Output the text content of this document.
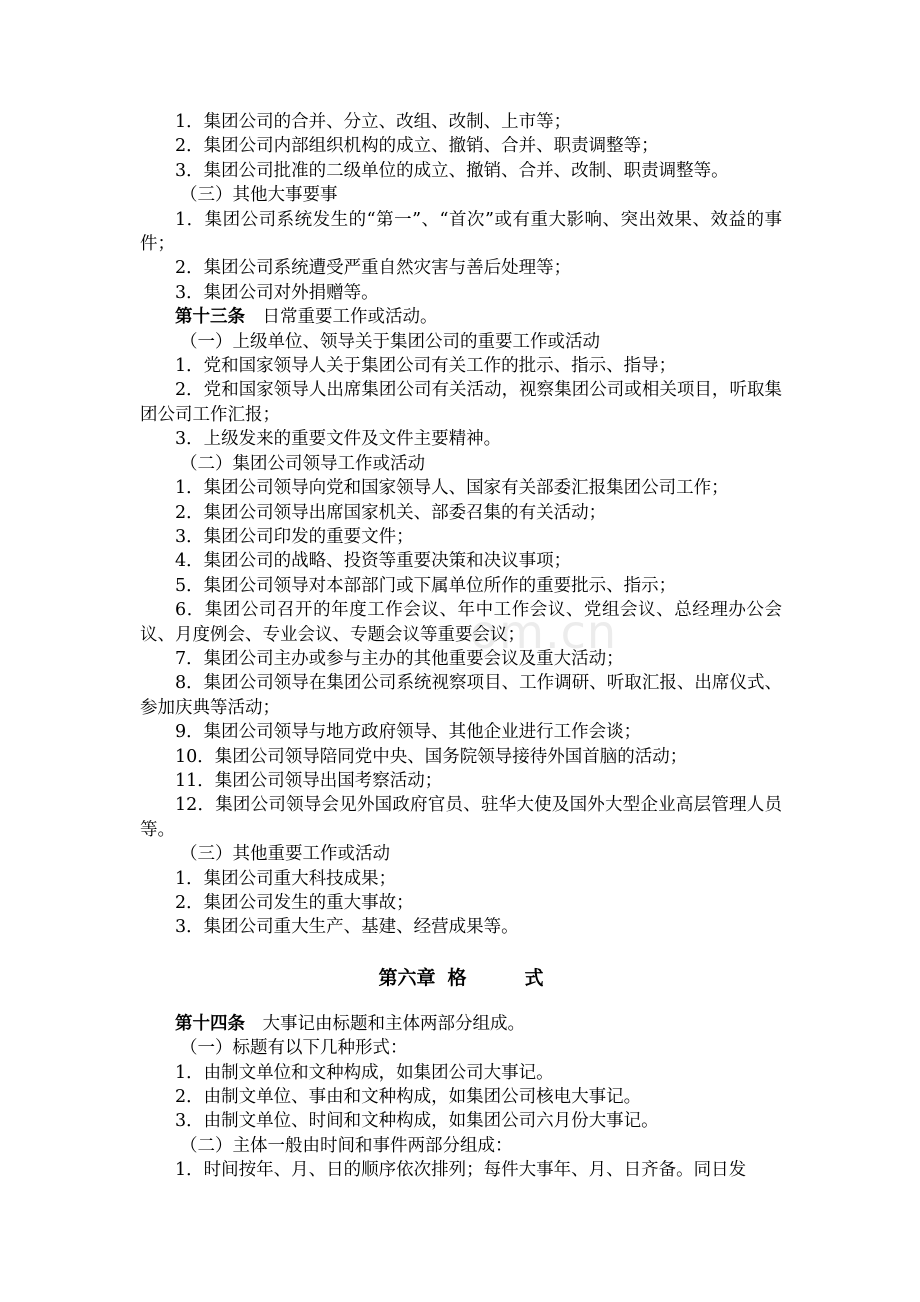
om.cn

1．集团公司的合并、分立、改组、改制、上市等；

2．集团公司内部组织机构的成立、撤销、合并、职责调整等；

3．集团公司批准的二级单位的成立、撤销、合并、改制、职责调整等。

（三）其他大事要事

1．集团公司系统发生的“第一”、“首次”或有重大影响、突出效果、效益的事件；

2．集团公司系统遭受严重自然灾害与善后处理等；

3．集团公司对外捐赠等。

第十三条　 日常重要工作或活动。

（一）上级单位、领导关于集团公司的重要工作或活动

1．党和国家领导人关于集团公司有关工作的批示、指示、指导；

2．党和国家领导人出席集团公司有关活动，视察集团公司或相关项目，听取集团公司工作汇报；

3．上级发来的重要文件及文件主要精神。

（二）集团公司领导工作或活动

1．集团公司领导向党和国家领导人、国家有关部委汇报集团公司工作；

2．集团公司领导出席国家机关、部委召集的有关活动；

3．集团公司印发的重要文件；

4．集团公司的战略、投资等重要决策和决议事项；

5．集团公司领导对本部部门或下属单位所作的重要批示、指示；

6．集团公司召开的年度工作会议、年中工作会议、党组会议、总经理办公会议、月度例会、专业会议、专题会议等重要会议；

7．集团公司主办或参与主办的其他重要会议及重大活动；

8．集团公司领导在集团公司系统视察项目、工作调研、听取汇报、出席仪式、参加庆典等活动；

9．集团公司领导与地方政府领导、其他企业进行工作会谈；

10．集团公司领导陪同党中央、国务院领导接待外国首脑的活动；

11．集团公司领导出国考察活动；

12．集团公司领导会见外国政府官员、驻华大使及国外大型企业高层管理人员等。

（三）其他重要工作或活动

1．集团公司重大科技成果；

2．集团公司发生的重大事故；

3．集团公司重大生产、基建、经营成果等。

第六章 格	式

第十四条　 大事记由标题和主体两部分组成。

（一）标题有以下几种形式：

1．由制文单位和文种构成，如集团公司大事记。

2．由制文单位、事由和文种构成，如集团公司核电大事记。

3．由制文单位、时间和文种构成，如集团公司六月份大事记。

（二）主体一般由时间和事件两部分组成：

1．时间按年、月、日的顺序依次排列；每件大事年、月、日齐备。同日发
